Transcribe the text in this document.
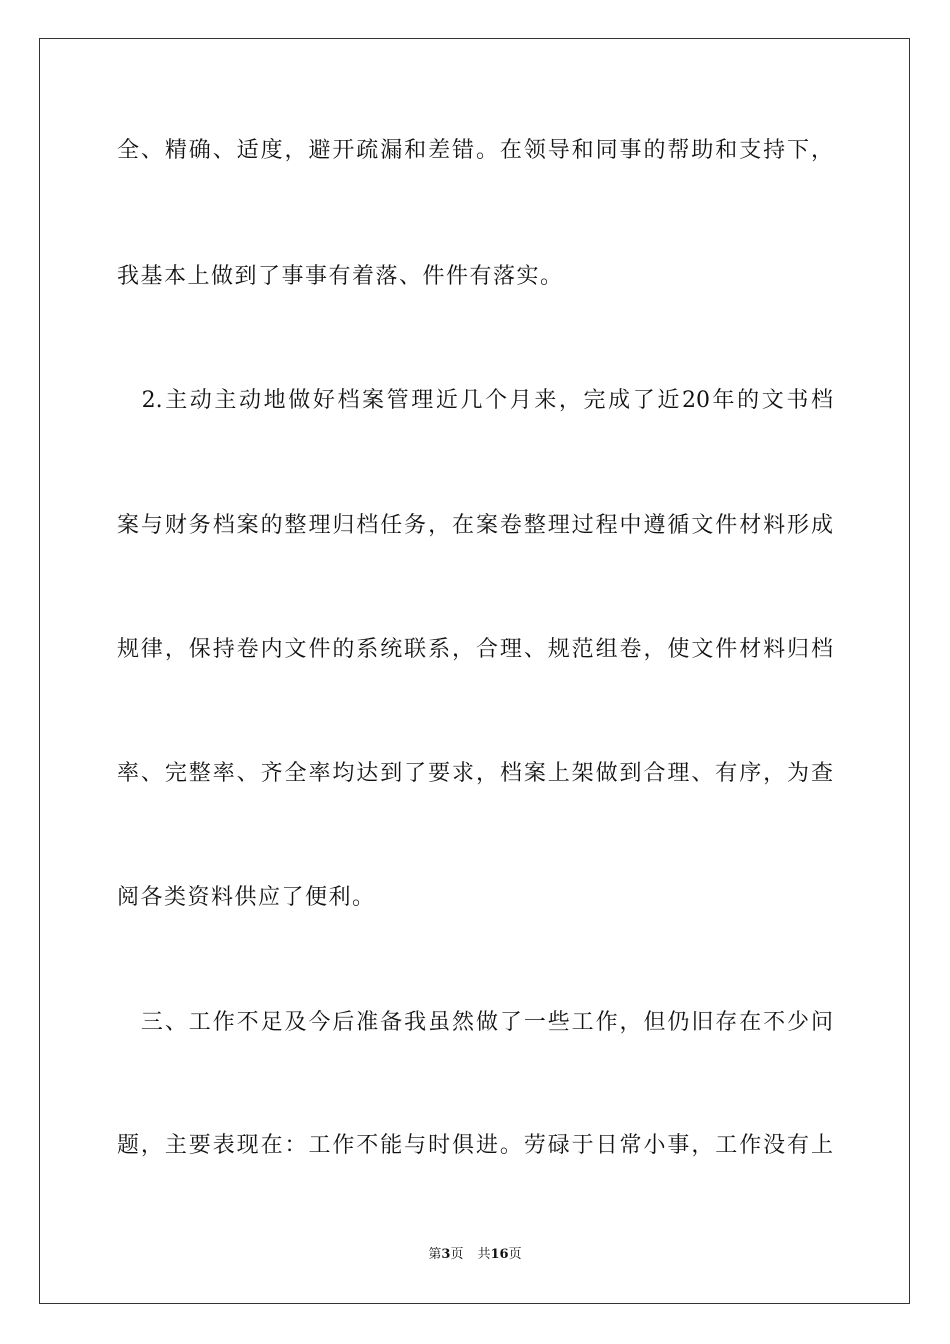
全、精确、适度，避开疏漏和差错。在领导和同事的帮助和支持下，
我基本上做到了事事有着落、件件有落实。
　2.主动主动地做好档案管理近几个月来，完成了近20年的文书档
案与财务档案的整理归档任务，在案卷整理过程中遵循文件材料形成
规律，保持卷内文件的系统联系，合理、规范组卷，使文件材料归档
率、完整率、齐全率均达到了要求，档案上架做到合理、有序，为查
阅各类资料供应了便利。
　三、工作不足及今后准备我虽然做了一些工作，但仍旧存在不少问
题，主要表现在：工作不能与时俱进。劳碌于日常小事，工作没有上
第3页 共16页
